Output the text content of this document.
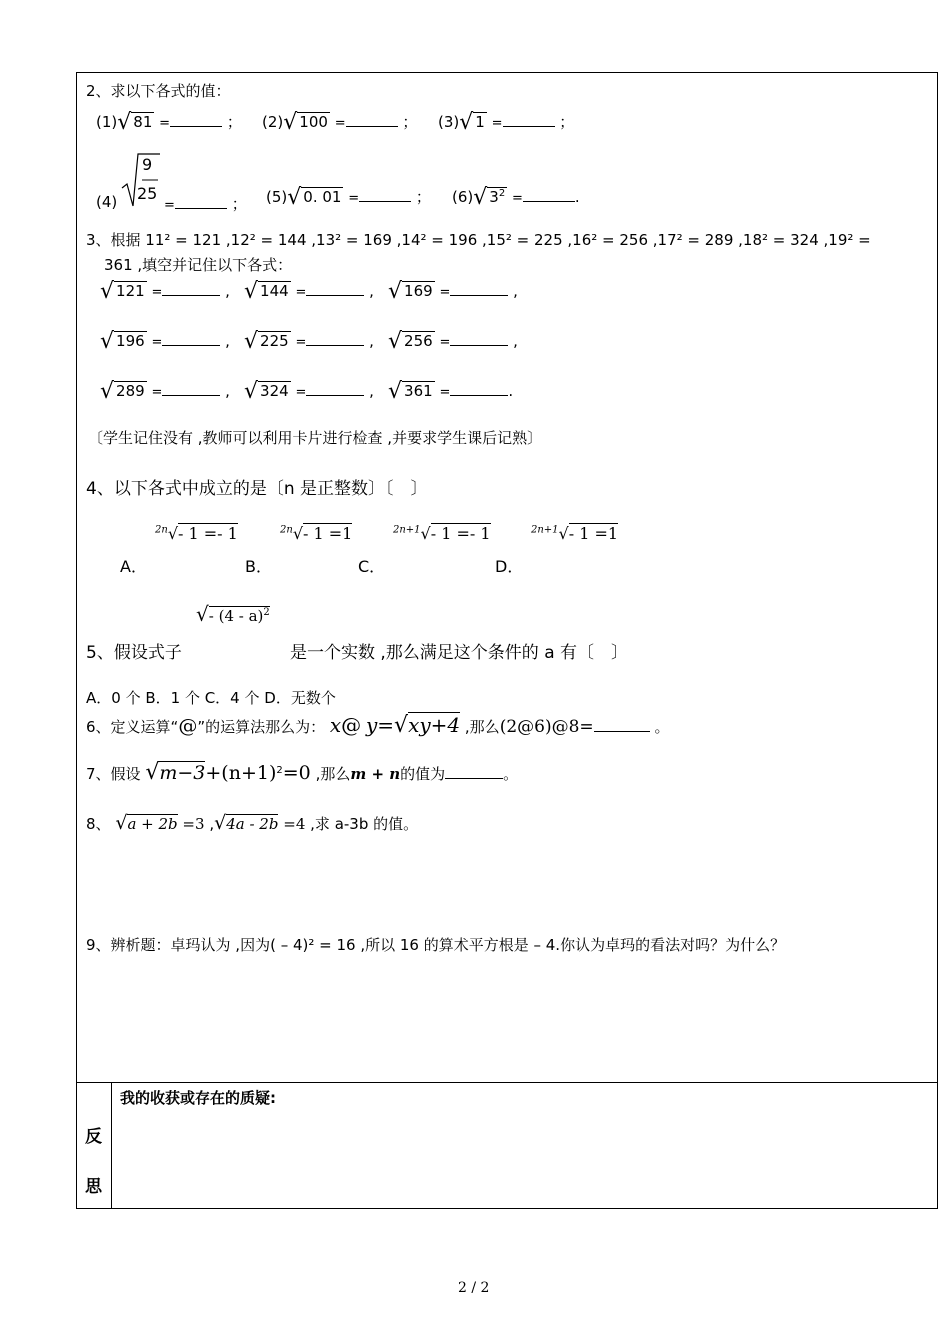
2、求以下各式的值：
(1)√ 81 =	； (2)√ 100 =	； (3)√ 1 =	；
(4)
9
25
=	； (5)√ 0. 01 =	； (6)√ $3^2$ =	.
3、根据 11² = 121 ,12² = 144 ,13² = 169 ,14² = 196 ,15² = 225 ,16² = 256 ,17² = 289 ,18² = 324 ,19² =
361 ,填空并记住以下各式：
√ 121 =	, √ 144 =	, √ 169 =	,
√ 196 =	, √ 225 =	, √ 256 =	,
√ 289 =	, √ 324 =	, √ 361 =	.
〔学生记住没有 ,教师可以利用卡片进行检查 ,并要求学生课后记熟〕
4、以下各式中成立的是〔n 是正整数〕〔　〕
$^{2n}$√- 1 =- 1	$^{2n}$√- 1 =1	$^{2n+1}$√- 1 =- 1	$^{2n+1}$√- 1 =1
A．	B．	C．	D．
√- (4 - a)$^2$
5、假设式子	是一个实数 ,那么满足这个条件的 a 有〔　〕
A．0 个 B．1 个 C．4 个 D．无数个
6、定义运算“@”的运算法那么为： x@ y=√xy+4 ,那么(2@6)@8=	。
7、假设 $√m-3+(n+1)^2=0$ ,那么m + n的值为	。
8、 √a + 2b =3 ,√4a - 2b =4 ,求 a-3b 的值。
9、辨析题：卓玛认为 ,因为( – 4)² = 16 ,所以 16 的算术平方根是 – 4.你认为卓玛的看法对吗？为什么？
反
思
我的收获或存在的质疑:
2 / 2
